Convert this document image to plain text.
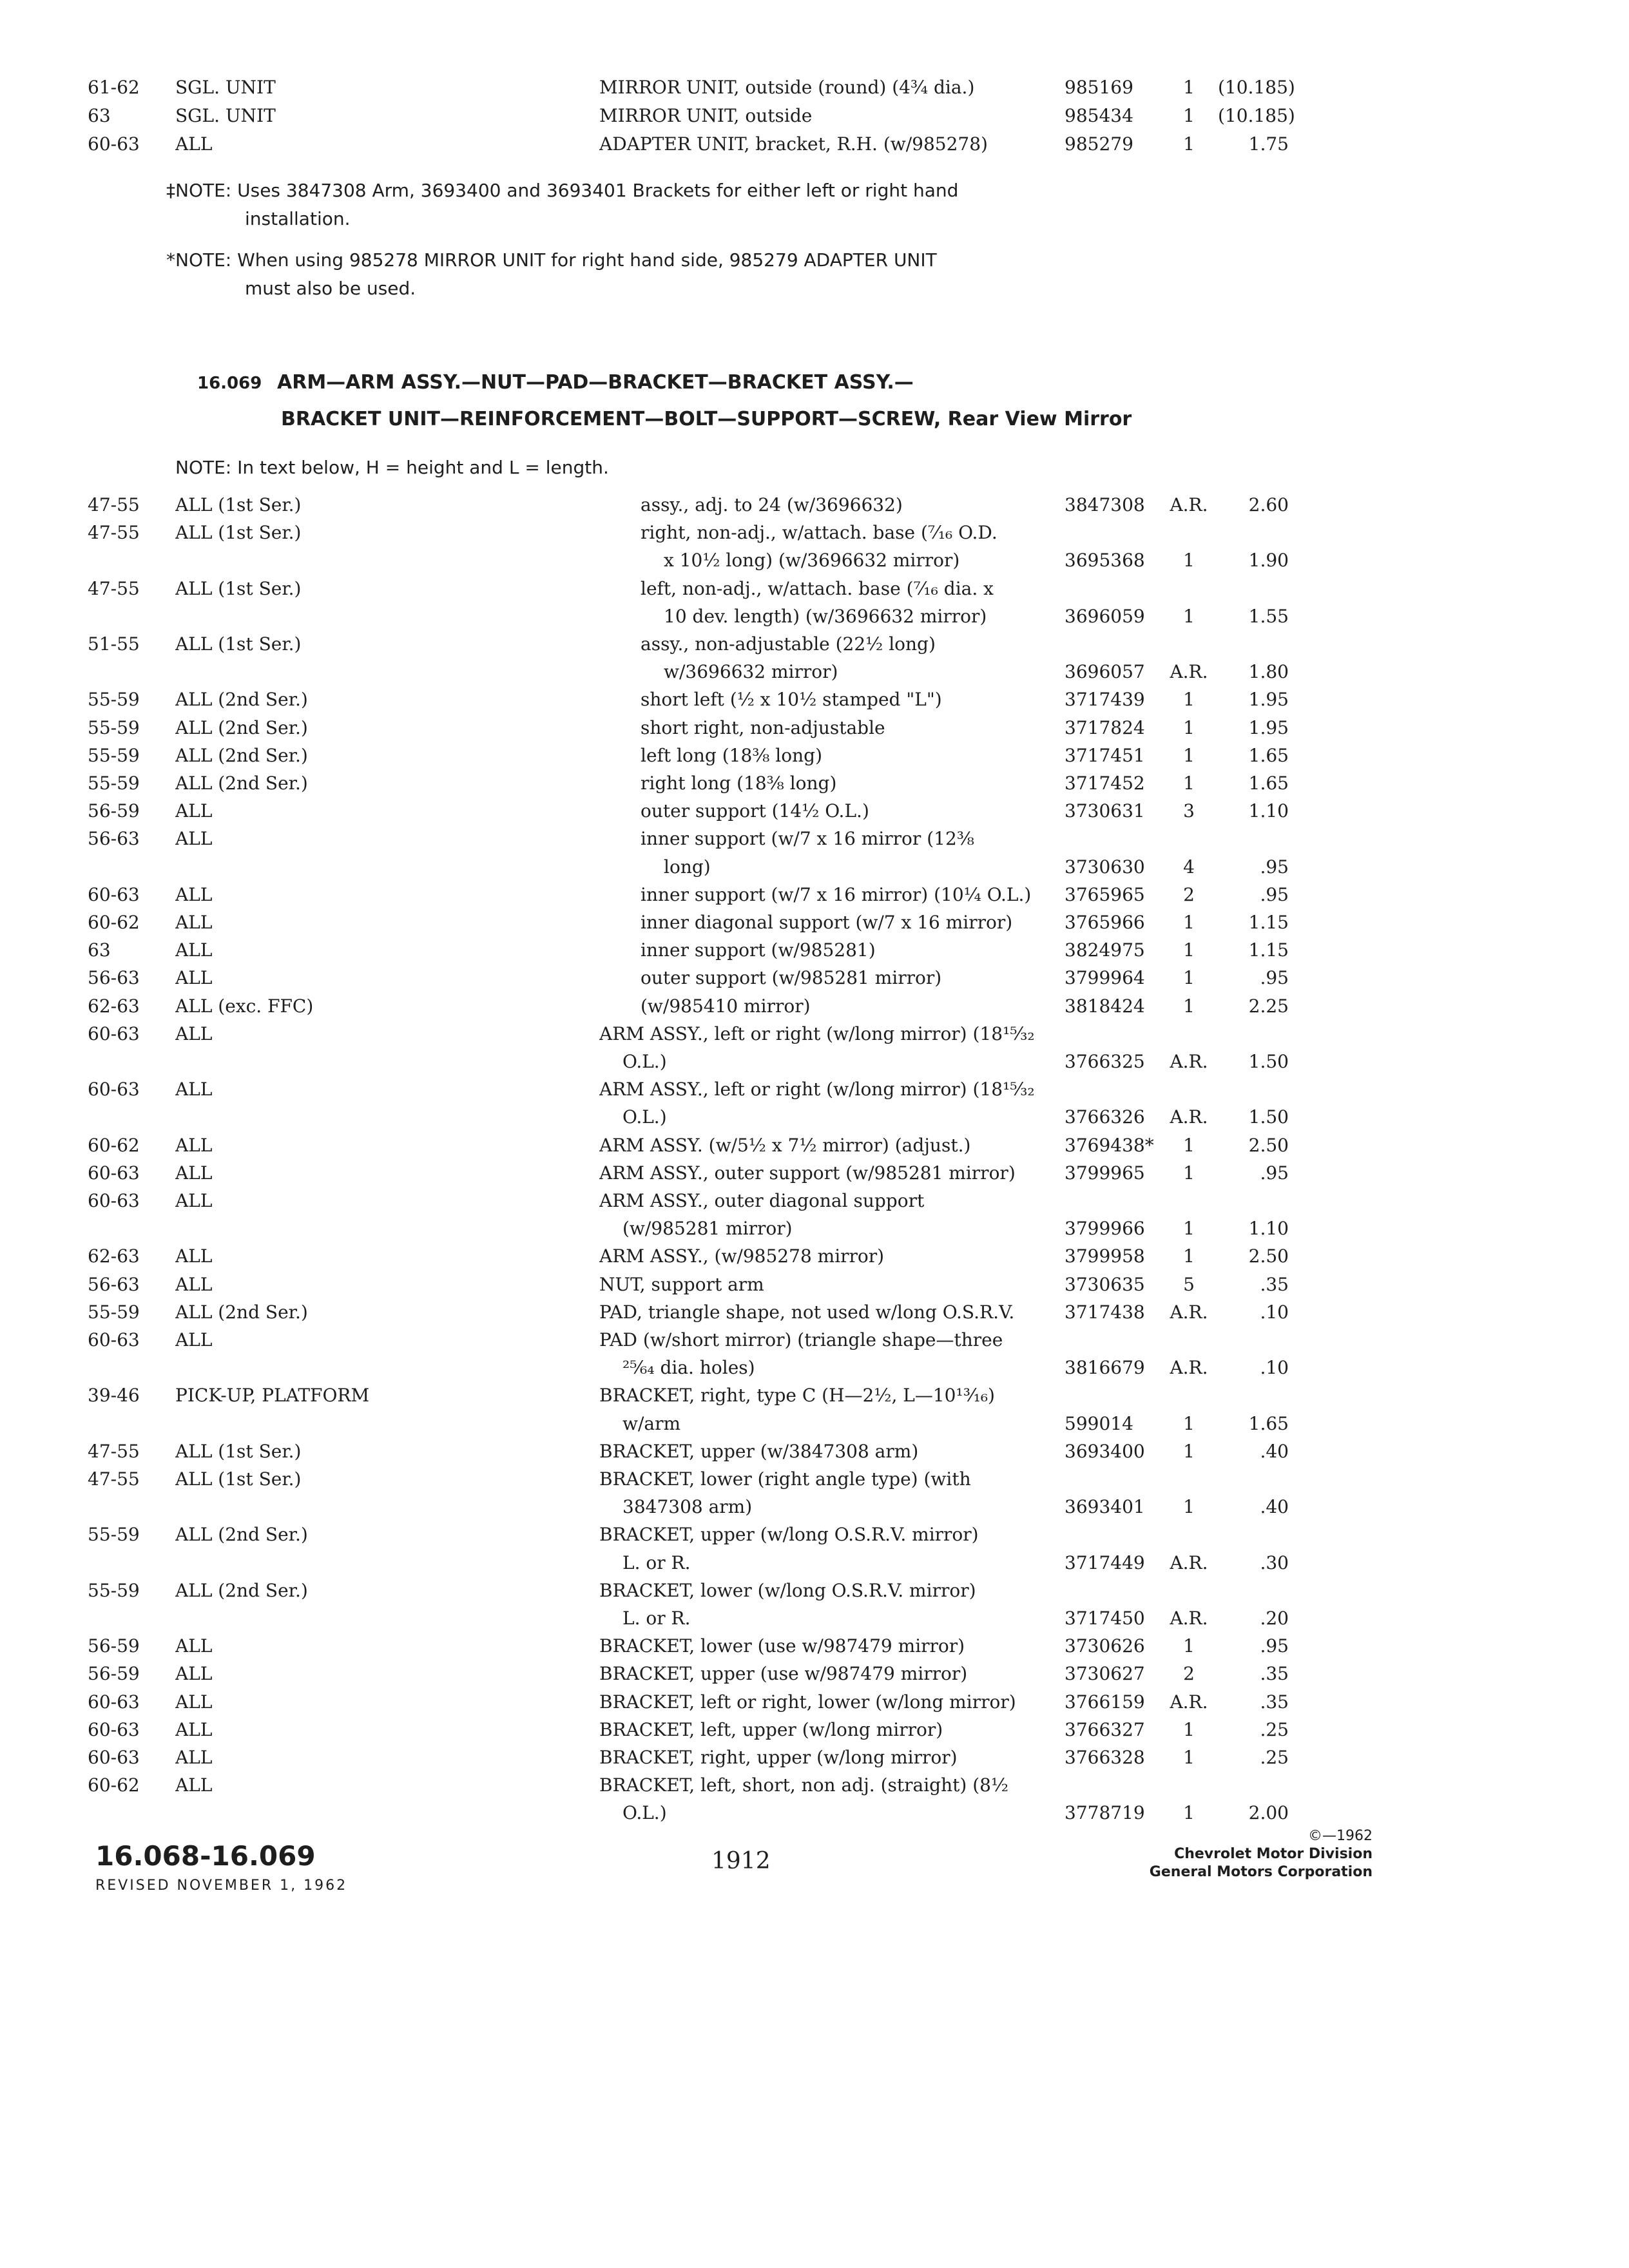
61-62 SGL. UNIT	MIRROR UNIT, outside (round) (4¾ dia.)	985169	1	(10.185)
63	SGL. UNIT	MIRROR UNIT, outside	985434	1	(10.185)
60-63 ALL	ADAPTER UNIT, bracket, R.H. (w/985278)	985279	1	1.75
‡NOTE: Uses 3847308 Arm, 3693400 and 3693401 Brackets for either left or right hand
installation.
*NOTE: When using 985278 MIRROR UNIT for right hand side, 985279 ADAPTER UNIT
must also be used.
16.069 ARM—ARM ASSY.—NUT—PAD—BRACKET—BRACKET ASSY.—
BRACKET UNIT—REINFORCEMENT—BOLT—SUPPORT—SCREW, Rear View Mirror
NOTE: In text below, H = height and L = length.
47-55 ALL (1st Ser.)	assy., adj. to 24 (w/3696632)	3847308	A.R.	2.60
47-55 ALL (1st Ser.)	right, non-adj., w/attach. base (⁷⁄₁₆ O.D.
x 10½ long) (w/3696632 mirror)	3695368	1	1.90
47-55 ALL (1st Ser.)	left, non-adj., w/attach. base (⁷⁄₁₆ dia. x
10 dev. length) (w/3696632 mirror)	3696059	1	1.55
51-55 ALL (1st Ser.)	assy., non-adjustable (22½ long)
w/3696632 mirror)	3696057	A.R.	1.80
55-59 ALL (2nd Ser.)	short left (½ x 10½ stamped "L")	3717439	1	1.95
55-59 ALL (2nd Ser.)	short right, non-adjustable	3717824	1	1.95
55-59 ALL (2nd Ser.)	left long (18⅜ long)	3717451	1	1.65
55-59 ALL (2nd Ser.)	right long (18⅜ long)	3717452	1	1.65
56-59 ALL	outer support (14½ O.L.)	3730631	3	1.10
56-63 ALL	inner support (w/7 x 16 mirror (12⅜
long)	3730630	4	.95
60-63 ALL	inner support (w/7 x 16 mirror) (10¼ O.L.)	3765965	2	.95
60-62 ALL	inner diagonal support (w/7 x 16 mirror)	3765966	1	1.15
63	ALL	inner support (w/985281)	3824975	1	1.15
56-63 ALL	outer support (w/985281 mirror)	3799964	1	.95
62-63 ALL (exc. FFC)	(w/985410 mirror)	3818424	1	2.25
60-63 ALL	ARM ASSY., left or right (w/long mirror) (18¹⁵⁄₃₂
O.L.)	3766325	A.R.	1.50
60-63 ALL	ARM ASSY., left or right (w/long mirror) (18¹⁵⁄₃₂
O.L.)	3766326	A.R.	1.50
60-62 ALL	ARM ASSY. (w/5½ x 7½ mirror) (adjust.)	3769438*	1	2.50
60-63 ALL	ARM ASSY., outer support (w/985281 mirror)	3799965	1	.95
60-63 ALL	ARM ASSY., outer diagonal support
(w/985281 mirror)	3799966	1	1.10
62-63 ALL	ARM ASSY., (w/985278 mirror)	3799958	1	2.50
56-63 ALL	NUT, support arm	3730635	5	.35
55-59 ALL (2nd Ser.)	PAD, triangle shape, not used w/long O.S.R.V.	3717438	A.R.	.10
60-63 ALL	PAD (w/short mirror) (triangle shape—three
²⁵⁄₆₄ dia. holes)	3816679	A.R.	.10
39-46 PICK-UP, PLATFORM	BRACKET, right, type C (H—2½, L—10¹³⁄₁₆)
w/arm	599014	1	1.65
47-55 ALL (1st Ser.)	BRACKET, upper (w/3847308 arm)	3693400	1	.40
47-55 ALL (1st Ser.)	BRACKET, lower (right angle type) (with
3847308 arm)	3693401	1	.40
55-59 ALL (2nd Ser.)	BRACKET, upper (w/long O.S.R.V. mirror)
L. or R.	3717449	A.R.	.30
55-59 ALL (2nd Ser.)	BRACKET, lower (w/long O.S.R.V. mirror)
L. or R.	3717450	A.R.	.20
56-59 ALL	BRACKET, lower (use w/987479 mirror)	3730626	1	.95
56-59 ALL	BRACKET, upper (use w/987479 mirror)	3730627	2	.35
60-63 ALL	BRACKET, left or right, lower (w/long mirror)	3766159	A.R.	.35
60-63 ALL	BRACKET, left, upper (w/long mirror)	3766327	1	.25
60-63 ALL	BRACKET, right, upper (w/long mirror)	3766328	1	.25
60-62 ALL	BRACKET, left, short, non adj. (straight) (8½
O.L.)	3778719	1	2.00
16.068-16.069
REVISED NOVEMBER 1, 1962
1912
©—1962
Chevrolet Motor Division
General Motors Corporation
